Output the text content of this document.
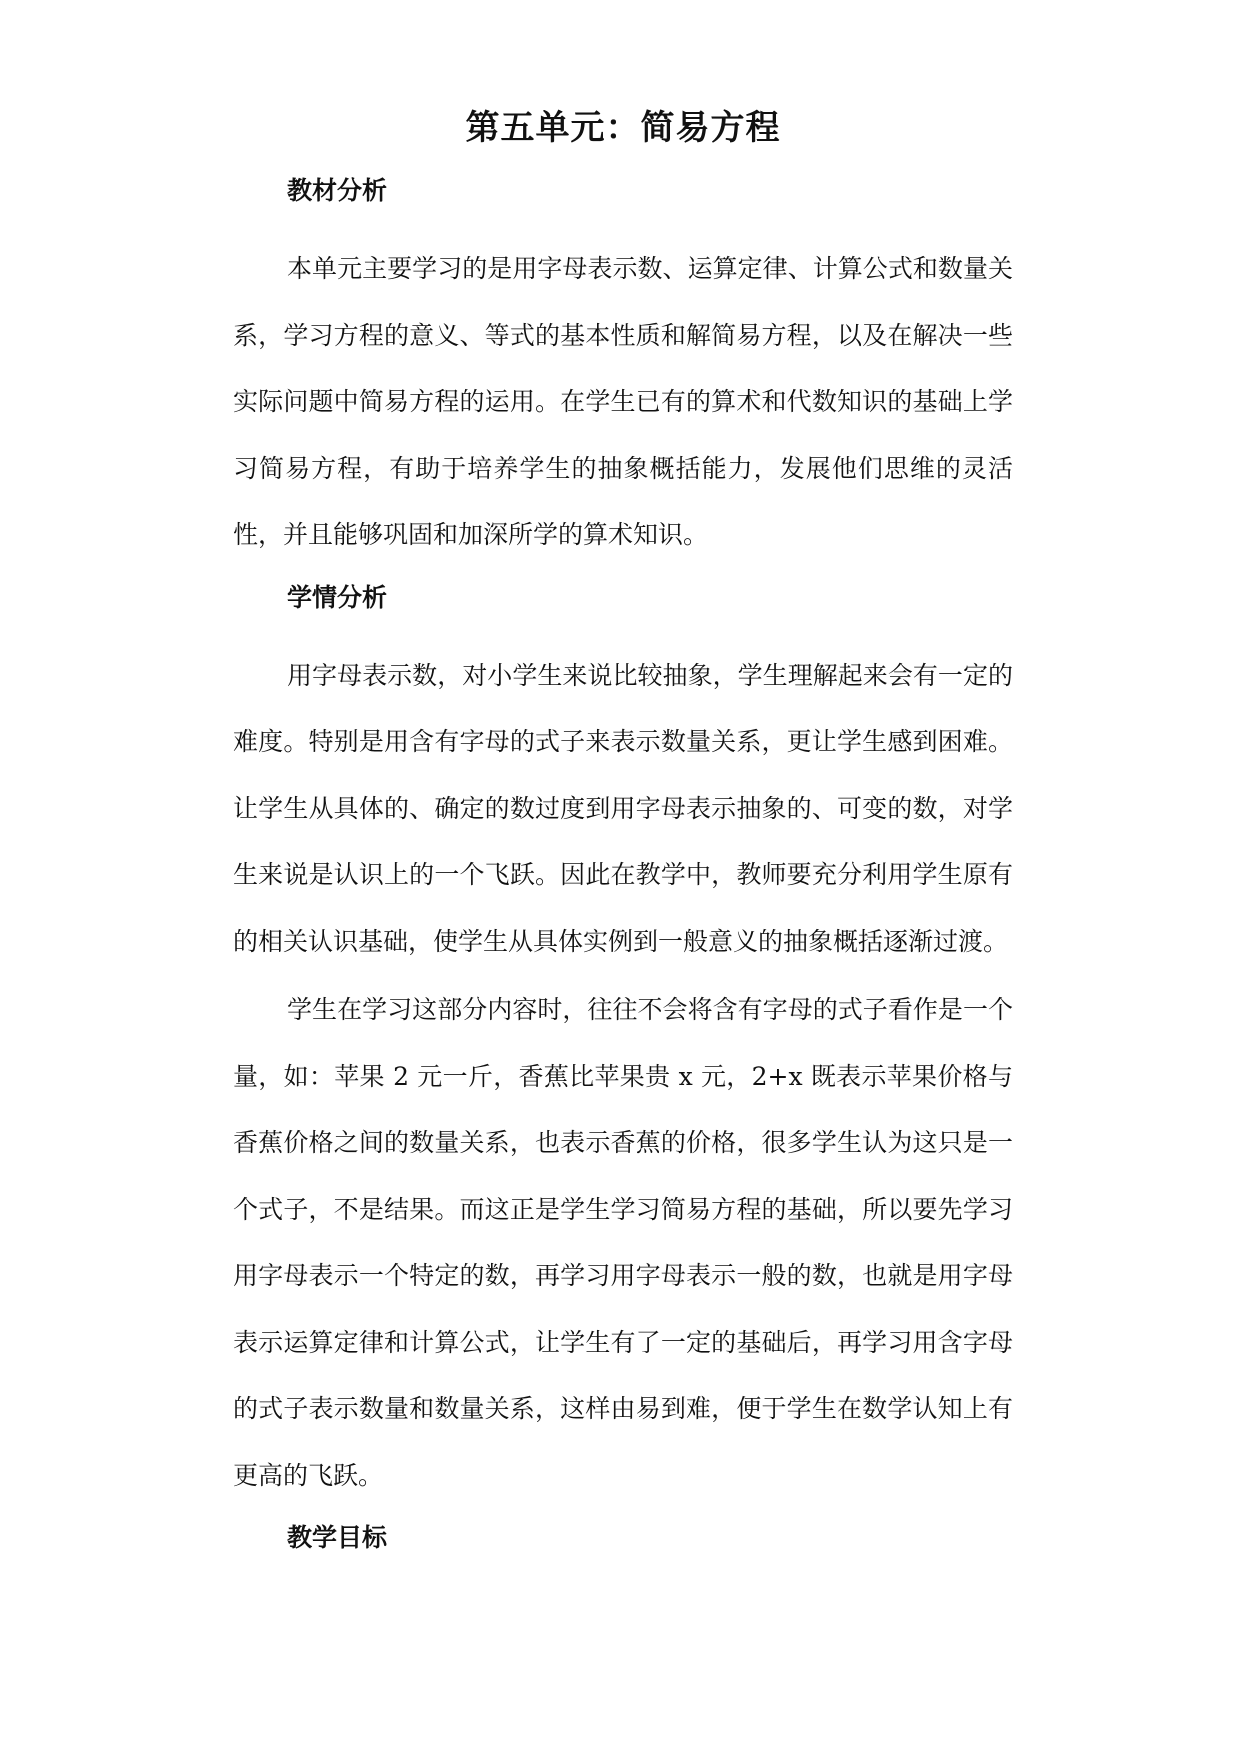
第五单元：简易方程
教材分析

本单元主要学习的是用字母表示数、运算定律、计算公式和数量关系，学习方程的意义、等式的基本性质和解简易方程，以及在解决一些实际问题中简易方程的运用。在学生已有的算术和代数知识的基础上学习简易方程，有助于培养学生的抽象概括能力，发展他们思维的灵活性，并且能够巩固和加深所学的算术知识。

学情分析

用字母表示数，对小学生来说比较抽象，学生理解起来会有一定的难度。特别是用含有字母的式子来表示数量关系，更让学生感到困难。让学生从具体的、确定的数过度到用字母表示抽象的、可变的数，对学生来说是认识上的一个飞跃。因此在教学中，教师要充分利用学生原有的相关认识基础，使学生从具体实例到一般意义的抽象概括逐渐过渡。

学生在学习这部分内容时，往往不会将含有字母的式子看作是一个量，如：苹果 2 元一斤，香蕉比苹果贵 x 元，2+x 既表示苹果价格与香蕉价格之间的数量关系，也表示香蕉的价格，很多学生认为这只是一个式子，不是结果。而这正是学生学习简易方程的基础，所以要先学习用字母表示一个特定的数，再学习用字母表示一般的数，也就是用字母表示运算定律和计算公式，让学生有了一定的基础后，再学习用含字母的式子表示数量和数量关系，这样由易到难，便于学生在数学认知上有更高的飞跃。

教学目标
